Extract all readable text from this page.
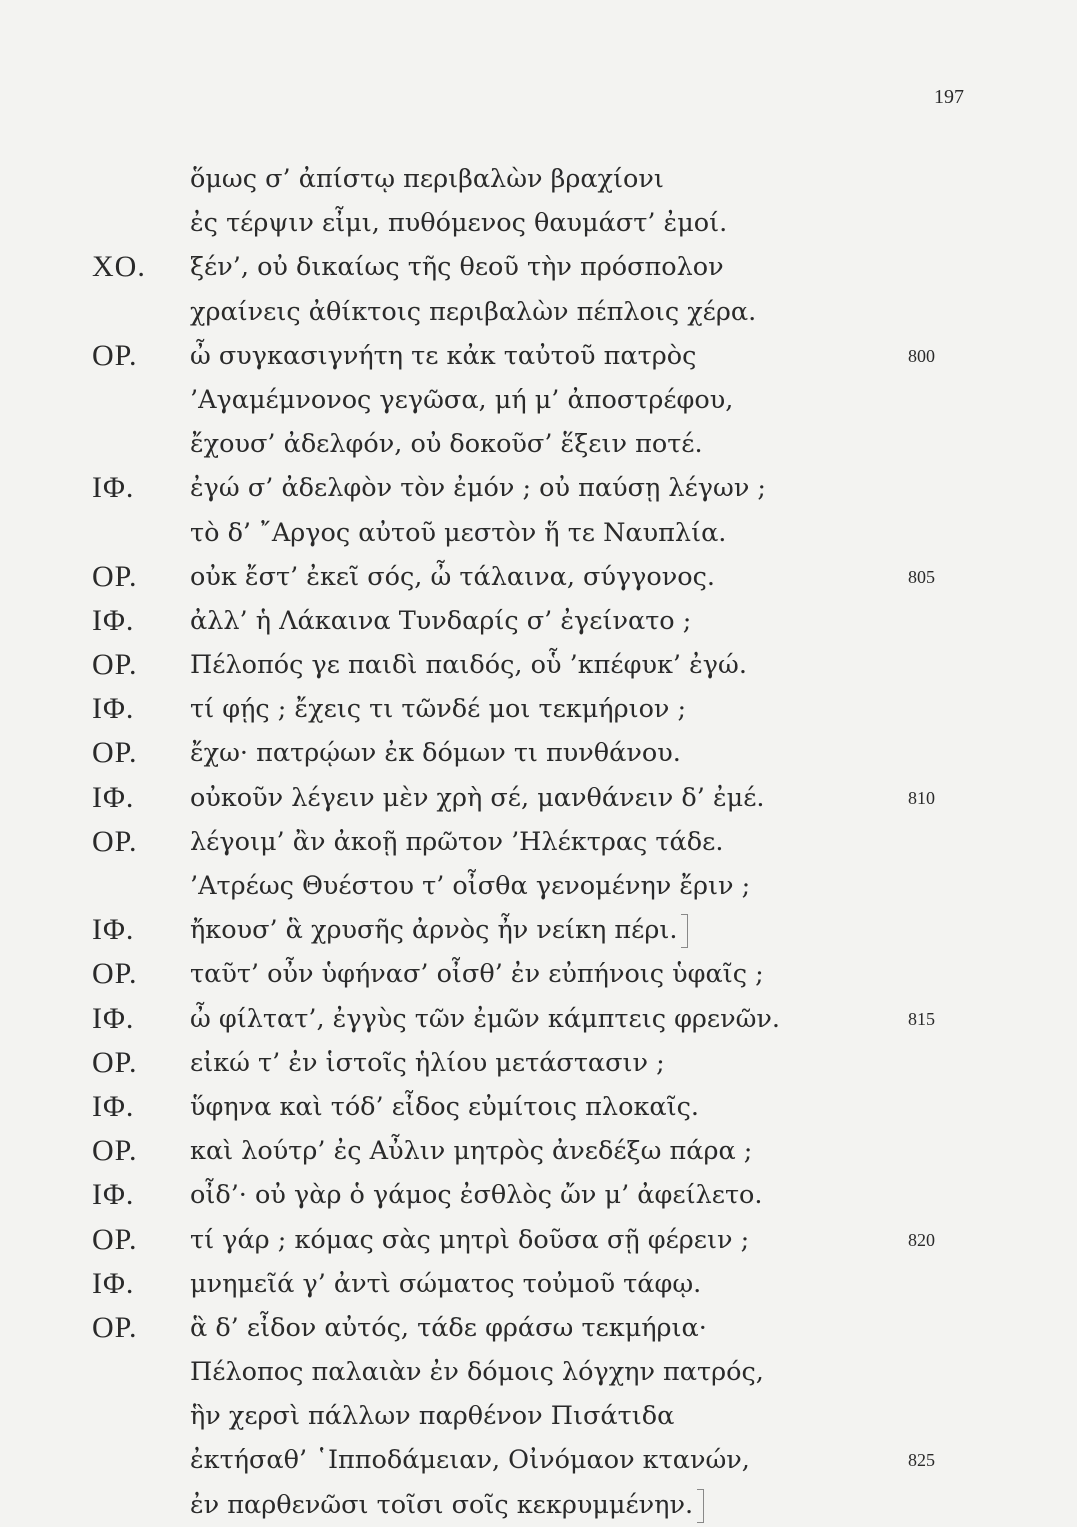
197
ὅμως σ’ ἀπίστῳ περιβαλὼν βραχίονι
ἐς τέρψιν εἶμι, πυθόμενος θαυμάστ’ ἐμοί.
ΧΟ.	ξέν’, οὐ δικαίως τῆς θεοῦ τὴν πρόσπολον
χραίνεις ἀθίκτοις περιβαλὼν πέπλοις χέρα.
ΟΡ.	ὦ συγκασιγνήτη τε κἀκ ταὐτοῦ πατρὸς	800
’Αγαμέμνονος γεγῶσα, μή μ’ ἀποστρέφου,
ἔχουσ’ ἀδελφόν, οὐ δοκοῦσ’ ἕξειν ποτέ.
ΙΦ.	ἐγώ σ’ ἀδελφὸν τὸν ἐμόν ; οὐ παύσῃ λέγων ;
τὸ δ’ ῎Αργος αὐτοῦ μεστὸν ἥ τε Ναυπλία.
ΟΡ.	οὐκ ἔστ’ ἐκεῖ σός, ὦ τάλαινα, σύγγονος.	805
ΙΦ.	ἀλλ’ ἡ Λάκαινα Τυνδαρίς σ’ ἐγείνατο ;
ΟΡ.	Πέλοπός γε παιδὶ παιδός, οὗ ’κπέφυκ’ ἐγώ.
ΙΦ.	τί φῄς ; ἔχεις τι τῶνδέ μοι τεκμήριον ;
ΟΡ.	ἔχω· πατρῴων ἐκ δόμων τι πυνθάνου.
ΙΦ.	οὐκοῦν λέγειν μὲν χρὴ σέ, μανθάνειν δ’ ἐμέ.	810
ΟΡ.	λέγοιμ’ ἂν ἀκοῇ πρῶτον ’Ηλέκτρας τάδε.
’Ατρέως Θυέστου τ’ οἶσθα γενομένην ἔριν ;
ΙΦ.	ἤκουσ’ ἃ χρυσῆς ἀρνὸς ἦν νείκη πέρι.
ΟΡ.	ταῦτ’ οὖν ὑφήνασ’ οἶσθ’ ἐν εὐπήνοις ὑφαῖς ;
ΙΦ.	ὦ φίλτατ’, ἐγγὺς τῶν ἐμῶν κάμπτεις φρενῶν.	815
ΟΡ.	εἰκώ τ’ ἐν ἱστοῖς ἡλίου μετάστασιν ;
ΙΦ.	ὕφηνα καὶ τόδ’ εἶδος εὐμίτοις πλοκαῖς.
ΟΡ.	καὶ λούτρ’ ἐς Αὖλιν μητρὸς ἀνεδέξω πάρα ;
ΙΦ.	οἶδ’· οὐ γὰρ ὁ γάμος ἐσθλὸς ὤν μ’ ἀφείλετο.
ΟΡ.	τί γάρ ; κόμας σὰς μητρὶ δοῦσα σῇ φέρειν ;	820
ΙΦ.	μνημεῖά γ’ ἀντὶ σώματος τοὐμοῦ τάφῳ.
ΟΡ.	ἃ δ’ εἶδον αὐτός, τάδε φράσω τεκμήρια·
Πέλοπος παλαιὰν ἐν δόμοις λόγχην πατρός,
ἣν χερσὶ πάλλων παρθένον Πισάτιδα
ἐκτήσαθ’ ῾Ιπποδάμειαν, Οἰνόμαον κτανών,	825
ἐν παρθενῶσι τοῖσι σοῖς κεκρυμμένην.
